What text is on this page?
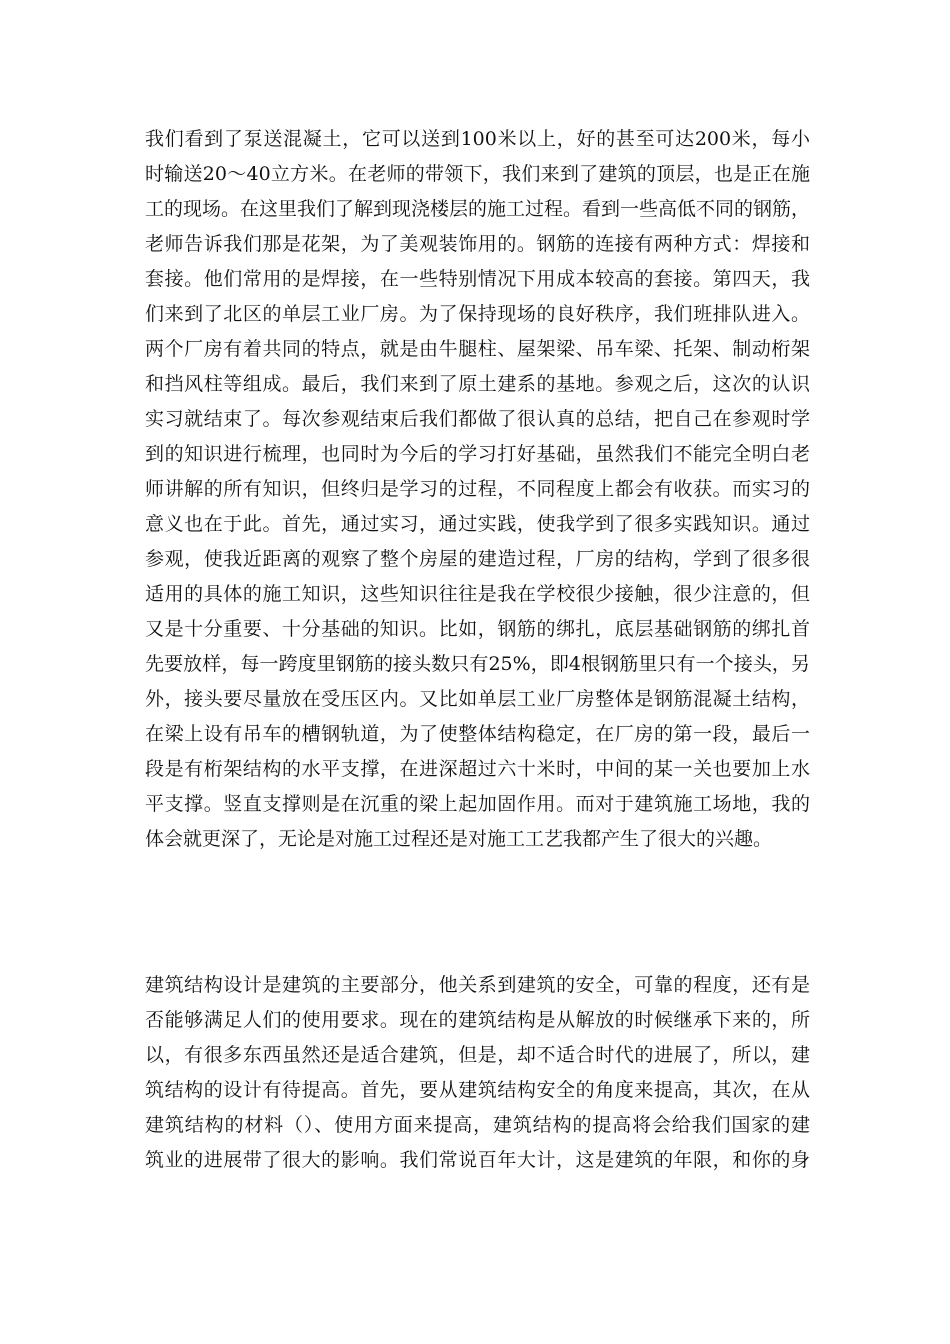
我们看到了泵送混凝土，它可以送到100米以上，好的甚至可达200米，每小
时输送20～40立方米。在老师的带领下，我们来到了建筑的顶层，也是正在施
工的现场。在这里我们了解到现浇楼层的施工过程。看到一些高低不同的钢筋，
老师告诉我们那是花架，为了美观装饰用的。钢筋的连接有两种方式：焊接和
套接。他们常用的是焊接，在一些特别情况下用成本较高的套接。第四天，我
们来到了北区的单层工业厂房。为了保持现场的良好秩序，我们班排队进入。
两个厂房有着共同的特点，就是由牛腿柱、屋架梁、吊车梁、托架、制动桁架
和挡风柱等组成。最后，我们来到了原土建系的基地。参观之后，这次的认识
实习就结束了。每次参观结束后我们都做了很认真的总结，把自己在参观时学
到的知识进行梳理，也同时为今后的学习打好基础，虽然我们不能完全明白老
师讲解的所有知识，但终归是学习的过程，不同程度上都会有收获。而实习的
意义也在于此。首先，通过实习，通过实践，使我学到了很多实践知识。通过
参观，使我近距离的观察了整个房屋的建造过程，厂房的结构，学到了很多很
适用的具体的施工知识，这些知识往往是我在学校很少接触，很少注意的，但
又是十分重要、十分基础的知识。比如，钢筋的绑扎，底层基础钢筋的绑扎首
先要放样，每一跨度里钢筋的接头数只有25%，即4根钢筋里只有一个接头，另
外，接头要尽量放在受压区内。又比如单层工业厂房整体是钢筋混凝土结构，
在梁上设有吊车的槽钢轨道，为了使整体结构稳定，在厂房的第一段，最后一
段是有桁架结构的水平支撑，在进深超过六十米时，中间的某一关也要加上水
平支撑。竖直支撑则是在沉重的梁上起加固作用。而对于建筑施工场地，我的
体会就更深了，无论是对施工过程还是对施工工艺我都产生了很大的兴趣。
建筑结构设计是建筑的主要部分，他关系到建筑的安全，可靠的程度，还有是
否能够满足人们的使用要求。现在的建筑结构是从解放的时候继承下来的，所
以，有很多东西虽然还是适合建筑，但是，却不适合时代的进展了，所以，建
筑结构的设计有待提高。首先，要从建筑结构安全的角度来提高，其次，在从
建筑结构的材料（）、使用方面来提高，建筑结构的提高将会给我们国家的建
筑业的进展带了很大的影响。我们常说百年大计，这是建筑的年限，和你的身
